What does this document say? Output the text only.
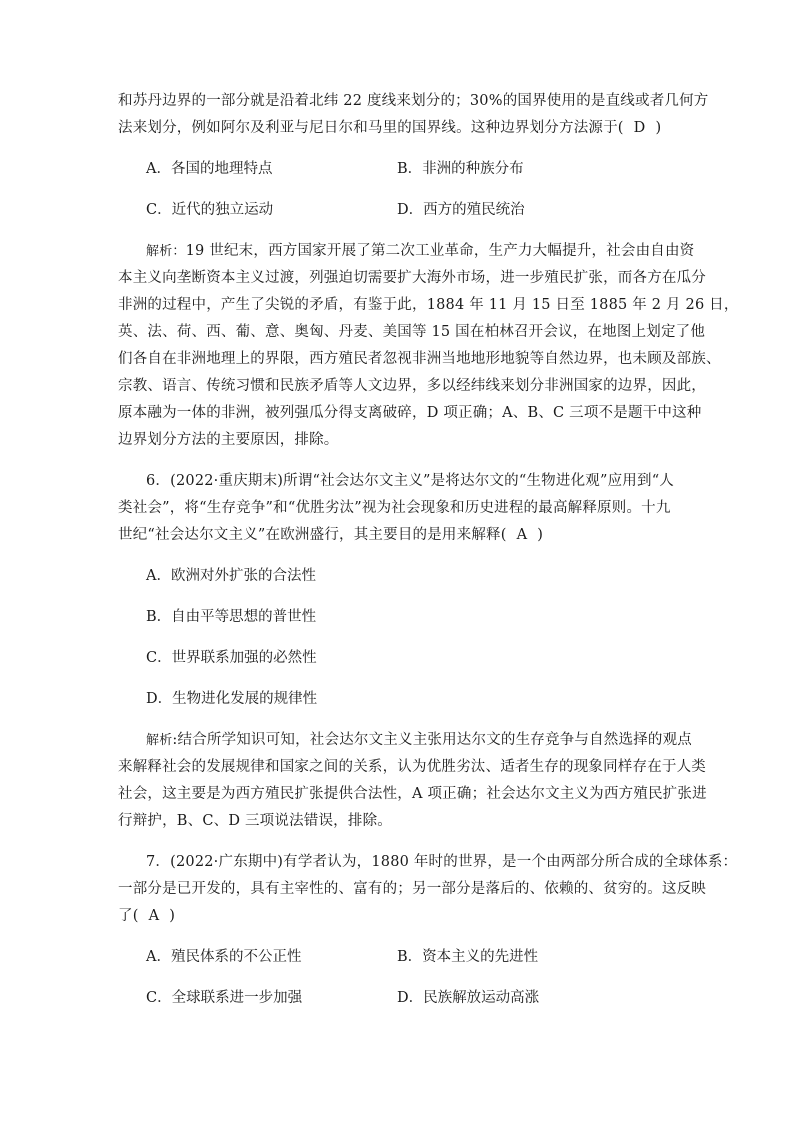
和苏丹边界的一部分就是沿着北纬 22 度线来划分的；30%的国界使用的是直线或者几何方
法来划分，例如阿尔及利亚与尼日尔和马里的国界线。这种边界划分方法源于( D )
A．各国的地理特点	B．非洲的种族分布
C．近代的独立运动	D．西方的殖民统治
解析：19 世纪末，西方国家开展了第二次工业革命，生产力大幅提升，社会由自由资
本主义向垄断资本主义过渡，列强迫切需要扩大海外市场，进一步殖民扩张，而各方在瓜分
非洲的过程中，产生了尖锐的矛盾，有鉴于此，1884 年 11 月 15 日至 1885 年 2 月 26 日，
英、法、荷、西、葡、意、奥匈、丹麦、美国等 15 国在柏林召开会议，在地图上划定了他
们各自在非洲地理上的界限，西方殖民者忽视非洲当地地形地貌等自然边界，也未顾及部族、
宗教、语言、传统习惯和民族矛盾等人文边界，多以经纬线来划分非洲国家的边界，因此，
原本融为一体的非洲，被列强瓜分得支离破碎，D 项正确；A、B、C 三项不是题干中这种
边界划分方法的主要原因，排除。
6．(2022·重庆期末)所谓“社会达尔文主义”是将达尔文的“生物进化观”应用到“人
类社会”，将“生存竞争”和“优胜劣汰”视为社会现象和历史进程的最高解释原则。十九
世纪“社会达尔文主义”在欧洲盛行，其主要目的是用来解释( A )
A．欧洲对外扩张的合法性
B．自由平等思想的普世性
C．世界联系加强的必然性
D．生物进化发展的规律性
解析:结合所学知识可知，社会达尔文主义主张用达尔文的生存竞争与自然选择的观点
来解释社会的发展规律和国家之间的关系，认为优胜劣汰、适者生存的现象同样存在于人类
社会，这主要是为西方殖民扩张提供合法性，A 项正确；社会达尔文主义为西方殖民扩张进
行辩护，B、C、D 三项说法错误，排除。
7．(2022·广东期中)有学者认为，1880 年时的世界，是一个由两部分所合成的全球体系：
一部分是已开发的，具有主宰性的、富有的；另一部分是落后的、依赖的、贫穷的。这反映
了( A )
A．殖民体系的不公正性	B．资本主义的先进性
C．全球联系进一步加强	D．民族解放运动高涨
